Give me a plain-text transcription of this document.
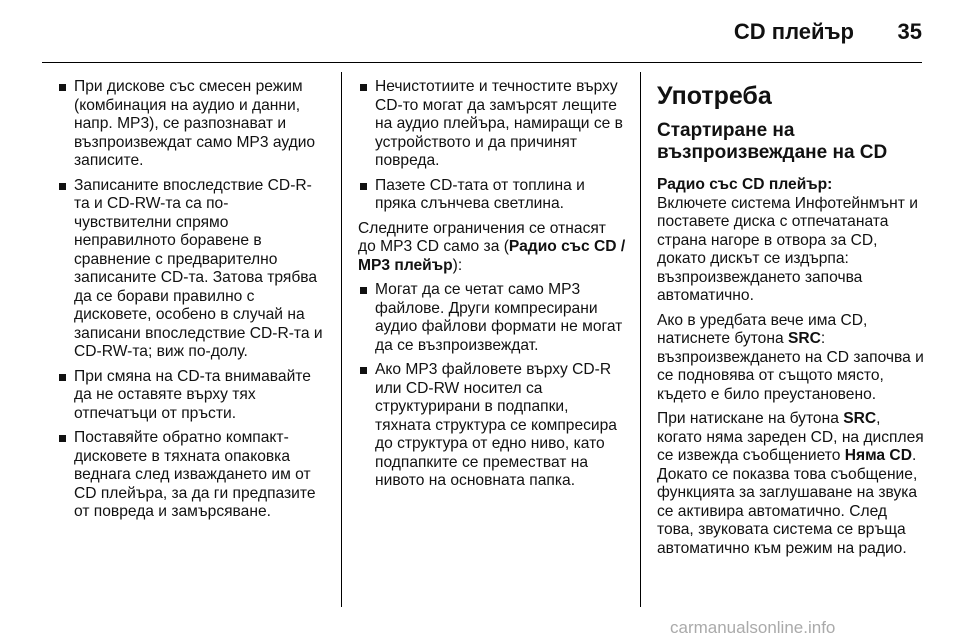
CD плейър 35
При дискове със смесен режим (комбинация на аудио и данни, напр. MP3), се разпознават и възпроизвеждат само MP3 аудио записите.
Записаните впоследствие CD-R-та и CD-RW-та са по-чувствителни спрямо неправилното боравене в сравнение с предварително записаните CD-та. Затова трябва да се борави правилно с дисковете, особено в случай на записани впоследствие CD-R-та и CD-RW-та; виж по-долу.
При смяна на CD-та внимавайте да не оставяте върху тях отпечатъци от пръсти.
Поставяйте обратно компакт-дисковете в тяхната опаковка веднага след изваждането им от CD плейъра, за да ги предпазите от повреда и замърсяване.
Нечистотиите и течностите върху CD-то могат да замърсят лещите на аудио плейъра, намиращи се в устройството и да причинят повреда.
Пазете CD-тата от топлина и пряка слънчева светлина.

Следните ограничения се отнасят до MP3 CD само за (Радио със CD / MP3 плейър):

Могат да се четат само MP3 файлове. Други компресирани аудио файлови формати не могат да се възпроизвеждат.
Ако MP3 файловете върху CD-R или CD-RW носител са структурирани в подпапки, тяхната структура се компресира до структура от едно ниво, като подпапките се преместват на нивото на основната папка.
Употреба
Стартиране на възпроизвеждане на CD

Радио със CD плейър:
Включете система Инфотейнмънт и поставете диска с отпечатаната страна нагоре в отвора за CD, докато дискът се издърпа: възпроизвеждането започва автоматично.

Ако в уредбата вече има CD, натиснете бутона SRC: възпроизвеждането на CD започва и се подновява от същото място, където е било преустановено.

При натискане на бутона SRC, когато няма зареден CD, на дисплея се извежда съобщението Няма CD. Докато се показва това съобщение, функцията за заглушаване на звука се активира автоматично. След това, звуковата система се връща автоматично към режим на радио.

carmanualsonline.info
